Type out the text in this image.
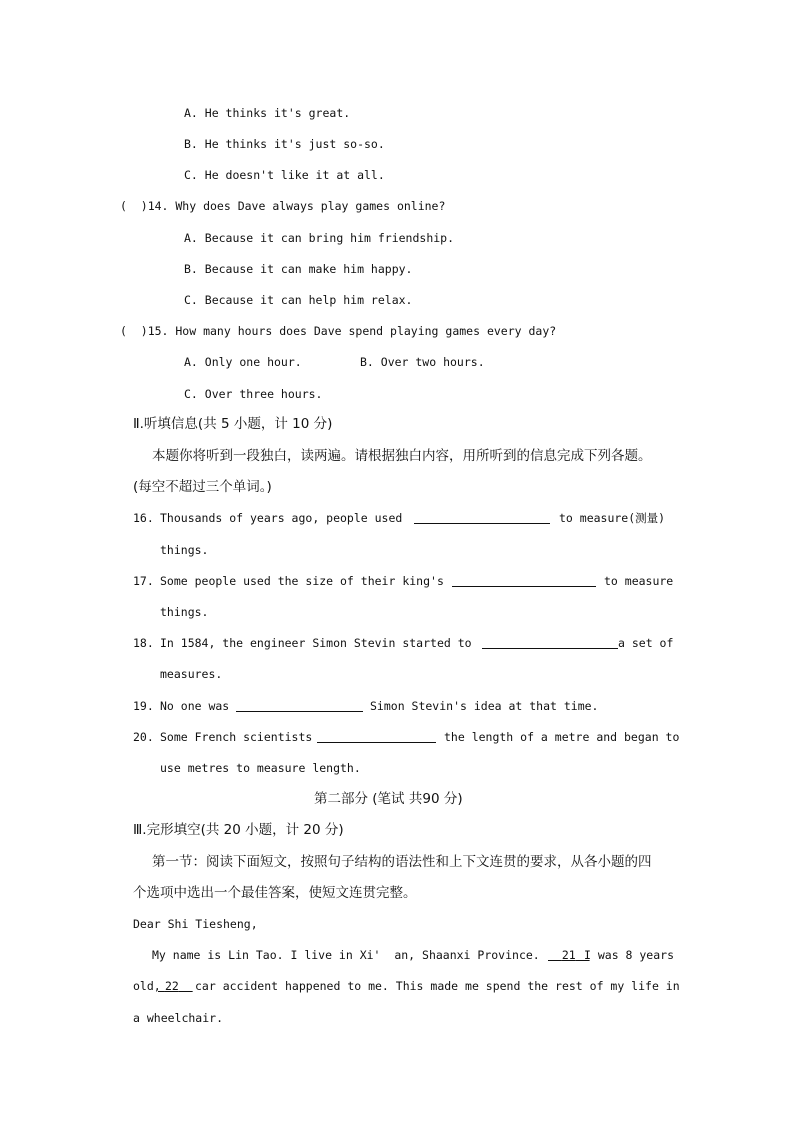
A. He thinks it's great.
B. He thinks it's just so-so.
C. He doesn't like it at all.
(  )14. Why does Dave always play games online?
A. Because it can bring him friendship.
B. Because it can make him happy.
C. Because it can help him relax.
(  )15. How many hours does Dave spend playing games every day?
A. Only one hour.	B. Over two hours.
C. Over three hours.
Ⅱ.听填信息(共 5 小题，计 10 分)
本题你将听到一段独白，读两遍。请根据独白内容，用所听到的信息完成下列各题。
(每空不超过三个单词。)
16. Thousands of years ago, people used	to measure(测量)
things.
17. Some people used the size of their king's	to measure
things.
18. In 1584, the engineer Simon Stevin started to	a set of
measures.
19. No one was	Simon Stevin's idea at that time.
20. Some French scientists	the length of a metre and began to
use metres to measure length.
第二部分 (笔试 共90 分)
Ⅲ.完形填空(共 20 小题，计 20 分)
第一节：阅读下面短文，按照句子结构的语法性和上下文连贯的要求，从各小题的四
个选项中选出一个最佳答案，使短文连贯完整。
Dear Shi Tiesheng,
My name is Lin Tao. I live in Xi'  an, Shaanxi Province.	21 I was 8 years
old, 22	car accident happened to me. This made me spend the rest of my life in
a wheelchair.
